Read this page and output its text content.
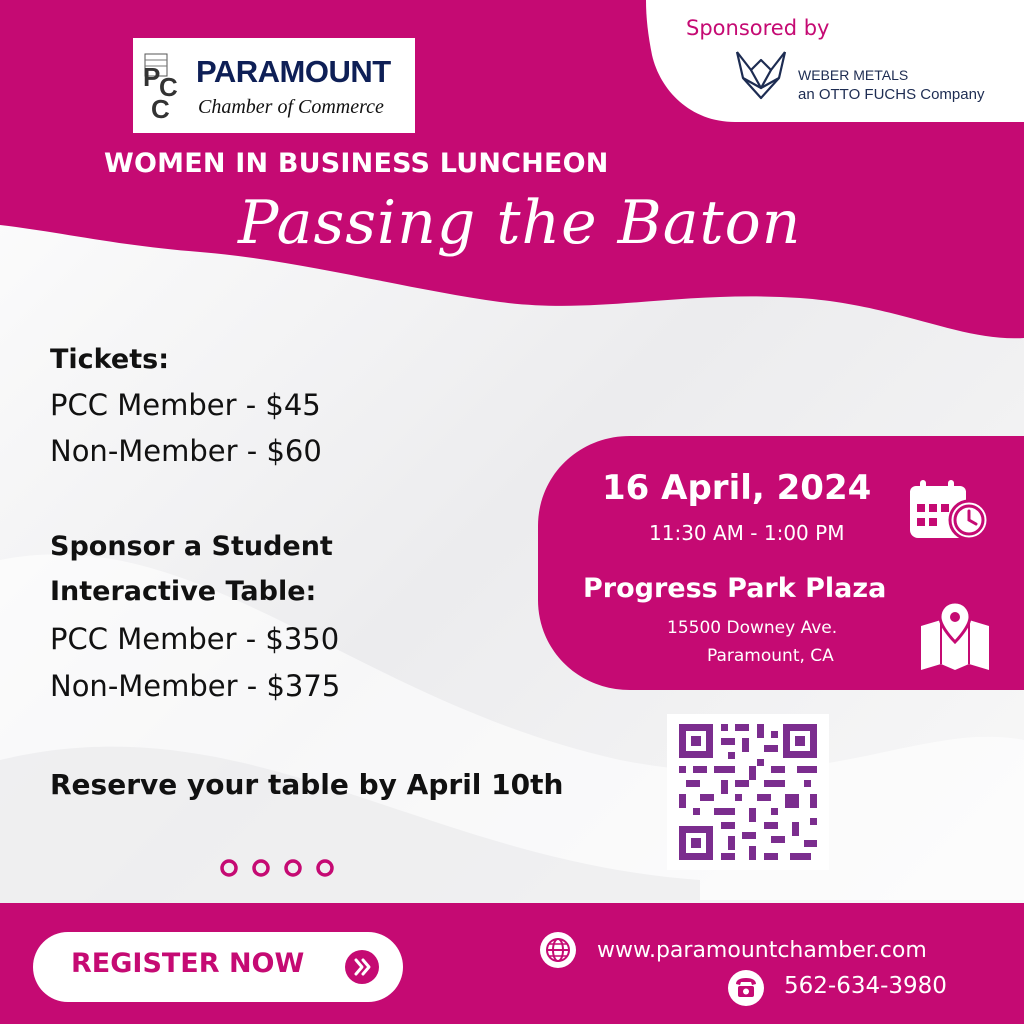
P
C
C
PARAMOUNT
Chamber of Commerce
Sponsored by
WEBER METALS
an OTTO FUCHS Company
WOMEN IN BUSINESS LUNCHEON
Passing the Baton
Tickets:
PCC Member - $45
Non-Member - $60
Sponsor a Student
Interactive Table:
PCC Member - $350
Non-Member - $375
Reserve your table by April 10th
16 April, 2024
11:30 AM - 1:00 PM
Progress Park Plaza
15500 Downey Ave.
Paramount, CA
REGISTER NOW	www.paramountchamber.com
562-634-3980
